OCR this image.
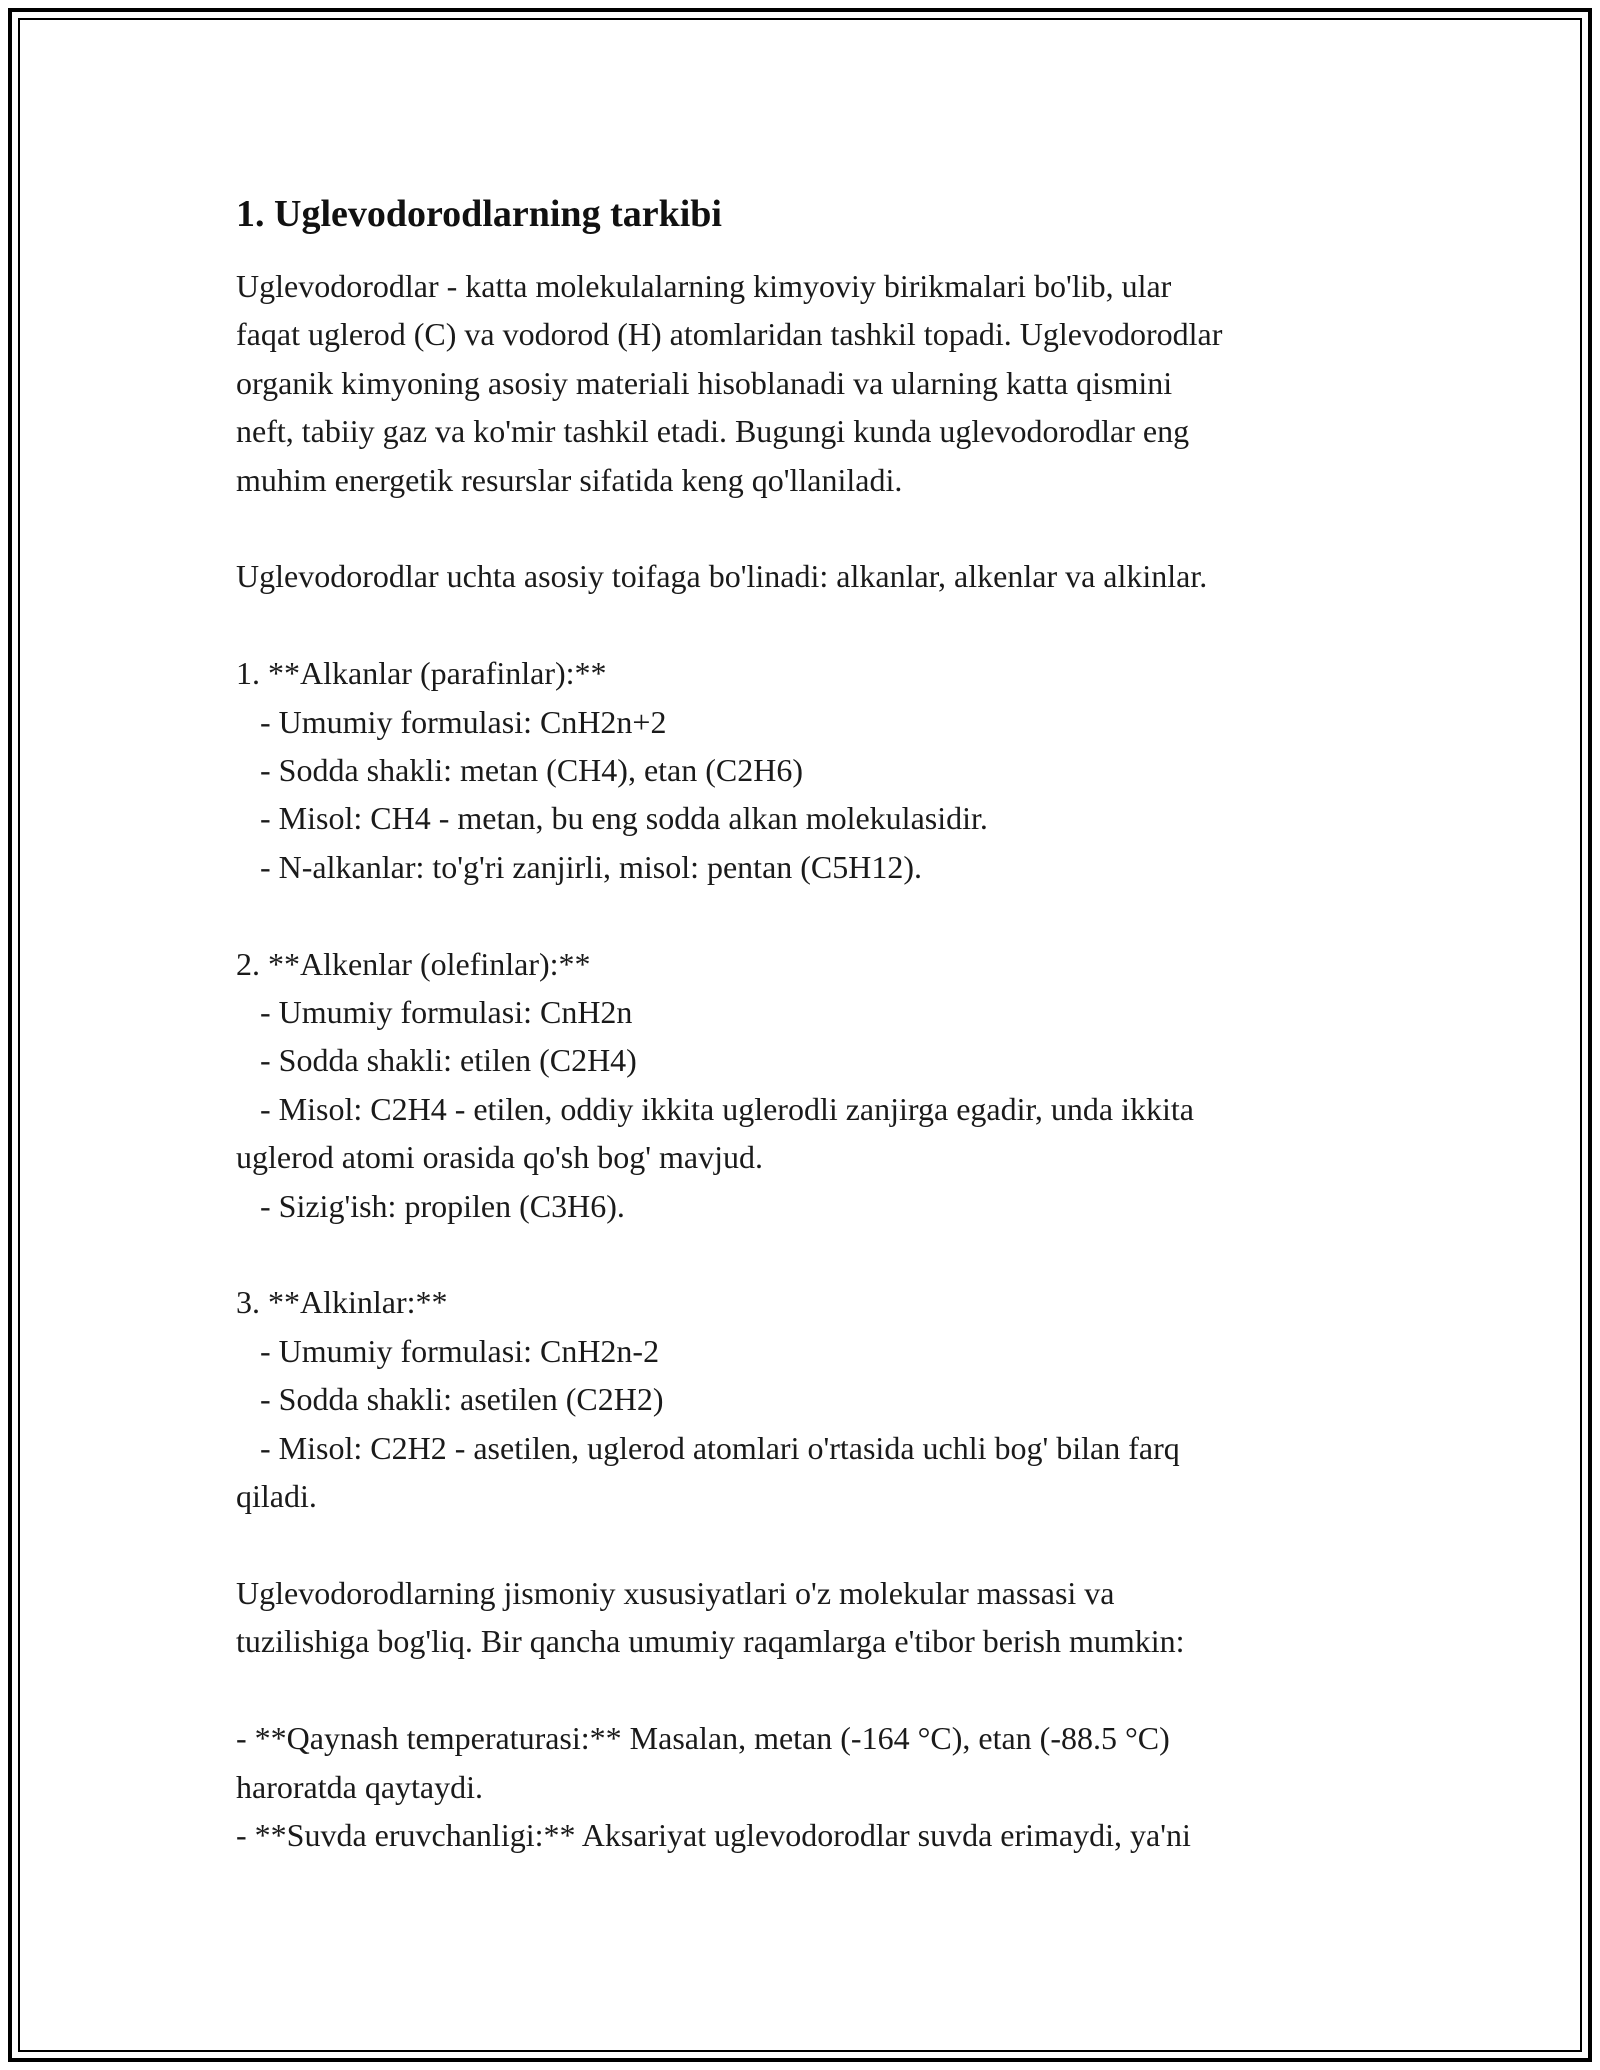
1. Uglevodorodlarning tarkibi
Uglevodorodlar - katta molekulalarning kimyoviy birikmalari bo'lib, ular
faqat uglerod (C) va vodorod (H) atomlaridan tashkil topadi. Uglevodorodlar
organik kimyoning asosiy materiali hisoblanadi va ularning katta qismini
neft, tabiiy gaz va ko'mir tashkil etadi. Bugungi kunda uglevodorodlar eng
muhim energetik resurslar sifatida keng qo'llaniladi.
Uglevodorodlar uchta asosiy toifaga bo'linadi: alkanlar, alkenlar va alkinlar.
1. **Alkanlar (parafinlar):**
- Umumiy formulasi: CnH2n+2
- Sodda shakli: metan (CH4), etan (C2H6)
- Misol: CH4 - metan, bu eng sodda alkan molekulasidir.
- N-alkanlar: to'g'ri zanjirli, misol: pentan (C5H12).
2. **Alkenlar (olefinlar):**
- Umumiy formulasi: CnH2n
- Sodda shakli: etilen (C2H4)
- Misol: C2H4 - etilen, oddiy ikkita uglerodli zanjirga egadir, unda ikkita
uglerod atomi orasida qo'sh bog' mavjud.
- Sizig'ish: propilen (C3H6).
3. **Alkinlar:**
- Umumiy formulasi: CnH2n-2
- Sodda shakli: asetilen (C2H2)
- Misol: C2H2 - asetilen, uglerod atomlari o'rtasida uchli bog' bilan farq
qiladi.
Uglevodorodlarning jismoniy xususiyatlari o'z molekular massasi va
tuzilishiga bog'liq. Bir qancha umumiy raqamlarga e'tibor berish mumkin:
- **Qaynash temperaturasi:** Masalan, metan (-164 °C), etan (-88.5 °C)
haroratda qaytaydi.
- **Suvda eruvchanligi:** Aksariyat uglevodorodlar suvda erimaydi, ya'ni
